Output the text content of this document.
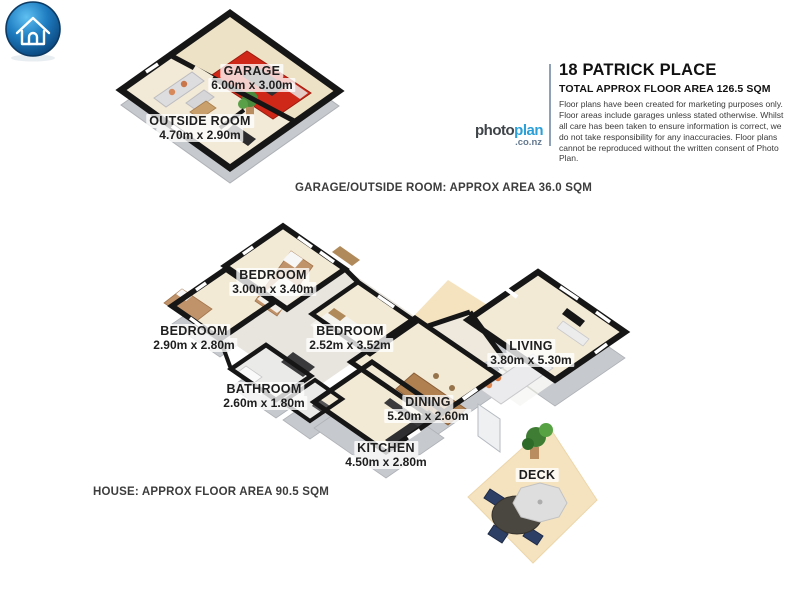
GARAGE
6.00m x 3.00m
OUTSIDE ROOM
4.70m x 2.90m
BEDROOM
3.00m x 3.40m
BEDROOM
2.90m x 2.80m
BEDROOM
2.52m x 3.52m
BATHROOM
2.60m x 1.80m	DINING
5.20m x 2.60m
KITCHEN
4.50m x 2.80m
LIVING
3.80m x 5.30m
DECK
GARAGE/OUTSIDE ROOM: APPROX AREA 36.0 SQM
HOUSE: APPROX FLOOR AREA 90.5 SQM
photoplan
.co.nz
18 PATRICK PLACE
TOTAL APPROX FLOOR AREA 126.5 SQM

Floor plans have been created for marketing purposes only. Floor areas include garages unless stated otherwise. Whilst all care has been taken to ensure information is correct, we do not take responsibility for any inaccuracies. Floor plans cannot be reproduced without the written consent of Photo Plan.
